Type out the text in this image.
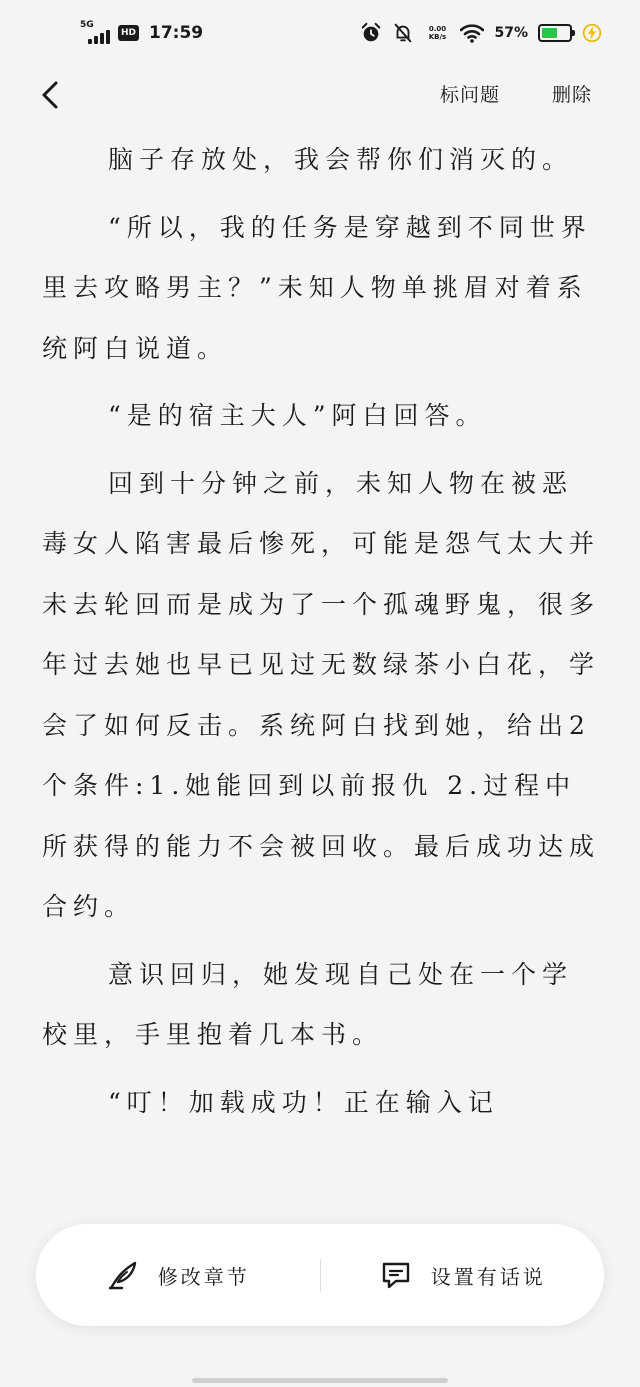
5G
HD 17:59	0.00
KB/s	57%
标问题	删除

脑子存放处，我会帮你们消灭的。

“所以，我的任务是穿越到不同世界里去攻略男主？”未知人物单挑眉对着系统阿白说道。

“是的宿主大人”阿白回答。

回到十分钟之前，未知人物在被恶毒女人陷害最后惨死，可能是怨气太大并未去轮回而是成为了一个孤魂野鬼，很多年过去她也早已见过无数绿茶小白花，学会了如何反击。系统阿白找到她，给出2个条件:1.她能回到以前报仇 2.过程中所获得的能力不会被回收。最后成功达成合约。

意识回归，她发现自己处在一个学校里，手里抱着几本书。

“叮！加载成功！正在输入记

修改章节	设置有话说
